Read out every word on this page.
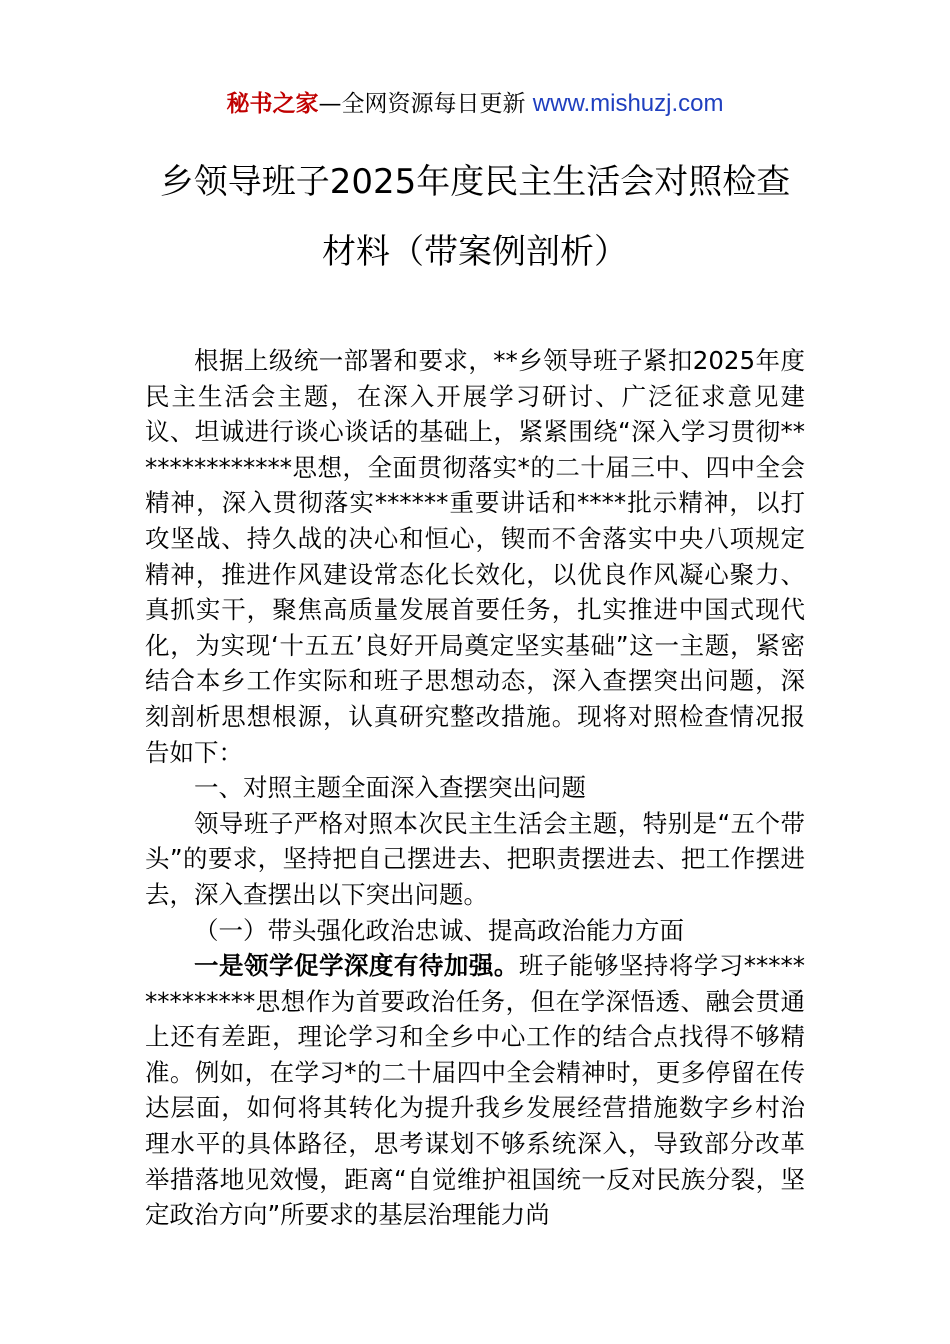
秘书之家—全网资源每日更新 www.mishuzj.com
乡领导班子2025年度民主生活会对照检查
材料（带案例剖析）

根据上级统一部署和要求，**乡领导班子紧扣2025年度民主生活会主题，在深入开展学习研讨、广泛征求意见建议、坦诚进行谈心谈话的基础上，紧紧围绕“深入学习贯彻**************思想，全面贯彻落实*的二十届三中、四中全会精神，深入贯彻落实******重要讲话和****批示精神，以打攻坚战、持久战的决心和恒心，锲而不舍落实中央八项规定精神，推进作风建设常态化长效化，以优良作风凝心聚力、真抓实干，聚焦高质量发展首要任务，扎实推进中国式现代化，为实现‘十五五’良好开局奠定坚实基础”这一主题，紧密结合本乡工作实际和班子思想动态，深入查摆突出问题，深刻剖析思想根源，认真研究整改措施。现将对照检查情况报告如下：

一、对照主题全面深入查摆突出问题

领导班子严格对照本次民主生活会主题，特别是“五个带头”的要求，坚持把自己摆进去、把职责摆进去、把工作摆进去，深入查摆出以下突出问题。

（一）带头强化政治忠诚、提高政治能力方面

一是领学促学深度有待加强。班子能够坚持将学习**************思想作为首要政治任务，但在学深悟透、融会贯通上还有差距，理论学习和全乡中心工作的结合点找得不够精准。例如，在学习*的二十届四中全会精神时，更多停留在传达层面，如何将其转化为提升我乡发展经营措施数字乡村治理水平的具体路径，思考谋划不够系统深入，导致部分改革举措落地见效慢，距离“自觉维护祖国统一反对民族分裂，坚定政治方向”所要求的基层治理能力尚
